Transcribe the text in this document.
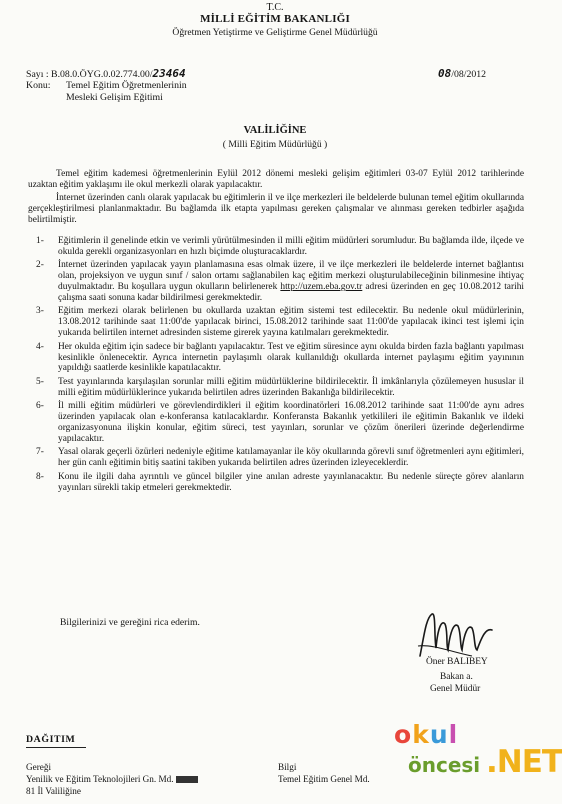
T.C.
MİLLİ EĞİTİM BAKANLIĞI
Öğretmen Yetiştirme ve Geliştirme Genel Müdürlüğü
Sayı : B.08.0.ÖYG.0.02.774.00/23464	08/08/2012
Konu: Temel Eğitim Öğretmenlerinin
Mesleki Gelişim Eğitimi
VALİLİĞİNE
( Milli Eğitim Müdürlüğü )

Temel eğitim kademesi öğretmenlerinin Eylül 2012 dönemi mesleki gelişim eğitimleri 03-07 Eylül 2012 tarihlerinde uzaktan eğitim yaklaşımı ile okul merkezli olarak yapılacaktır.

İnternet üzerinden canlı olarak yapılacak bu eğitimlerin il ve ilçe merkezleri ile beldelerde bulunan temel eğitim okullarında gerçekleştirilmesi planlanmaktadır. Bu bağlamda ilk etapta yapılması gereken çalışmalar ve alınması gereken tedbirler aşağıda belirtilmiştir.

1- Eğitimlerin il genelinde etkin ve verimli yürütülmesinden il milli eğitim müdürleri sorumludur. Bu bağlamda ilde, ilçede ve okulda gerekli organizasyonları en hızlı biçimde oluşturacaklardır.
2- İnternet üzerinden yapılacak yayın planlamasına esas olmak üzere, il ve ilçe merkezleri ile beldelerde internet bağlantısı olan, projeksiyon ve uygun sınıf / salon ortamı sağlanabilen kaç eğitim merkezi oluşturulabileceğinin bilinmesine ihtiyaç duyulmaktadır. Bu koşullara uygun okulların belirlenerek http://uzem.eba.gov.tr adresi üzerinden en geç 10.08.2012 tarihi çalışma saati sonuna kadar bildirilmesi gerekmektedir.
3- Eğitim merkezi olarak belirlenen bu okullarda uzaktan eğitim sistemi test edilecektir. Bu nedenle okul müdürlerinin, 13.08.2012 tarihinde saat 11:00'de yapılacak birinci, 15.08.2012 tarihinde saat 11:00'de yapılacak ikinci test işlemi için yukarıda belirtilen internet adresinden sisteme girerek yayına katılmaları gerekmektedir.
4- Her okulda eğitim için sadece bir bağlantı yapılacaktır. Test ve eğitim süresince aynı okulda birden fazla bağlantı yapılması kesinlikle önlenecektir. Ayrıca internetin paylaşımlı olarak kullanıldığı okullarda internet paylaşımı eğitim yayınının yapıldığı saatlerde kesinlikle kapatılacaktır.
5- Test yayınlarında karşılaşılan sorunlar milli eğitim müdürlüklerine bildirilecektir. İl imkânlarıyla çözülemeyen hususlar il milli eğitim müdürlüklerince yukarıda belirtilen adres üzerinden Bakanlığa bildirilecektir.
6- İl milli eğitim müdürleri ve görevlendirdikleri il eğitim koordinatörleri 16.08.2012 tarihinde saat 11:00'de aynı adres üzerinden yapılacak olan e-konferansa katılacaklardır. Konferansta Bakanlık yetkilileri ile eğitimin Bakanlık ve ildeki organizasyonuna ilişkin konular, eğitim süreci, test yayınları, sorunlar ve çözüm önerileri üzerinde değerlendirme yapılacaktır.
7- Yasal olarak geçerli özürleri nedeniyle eğitime katılamayanlar ile köy okullarında görevli sınıf öğretmenleri aynı eğitimleri, her gün canlı eğitimin bitiş saatini takiben yukarıda belirtilen adres üzerinden izleyeceklerdir.
8- Konu ile ilgili daha ayrıntılı ve güncel bilgiler yine anılan adreste yayınlanacaktır. Bu nedenle süreçte görev alanların yayınları sürekli takip etmeleri gerekmektedir.
Bilgilerinizi ve gereğini rica ederim.
Öner BALIBEY
Bakan a.
Genel Müdür
DAĞITIM
Gereği
Yenilik ve Eğitim Teknolojileri Gn. Md.
81 İl Valiliğine
Bilgi
Temel Eğitim Genel Md.
okul
öncesi .NET
